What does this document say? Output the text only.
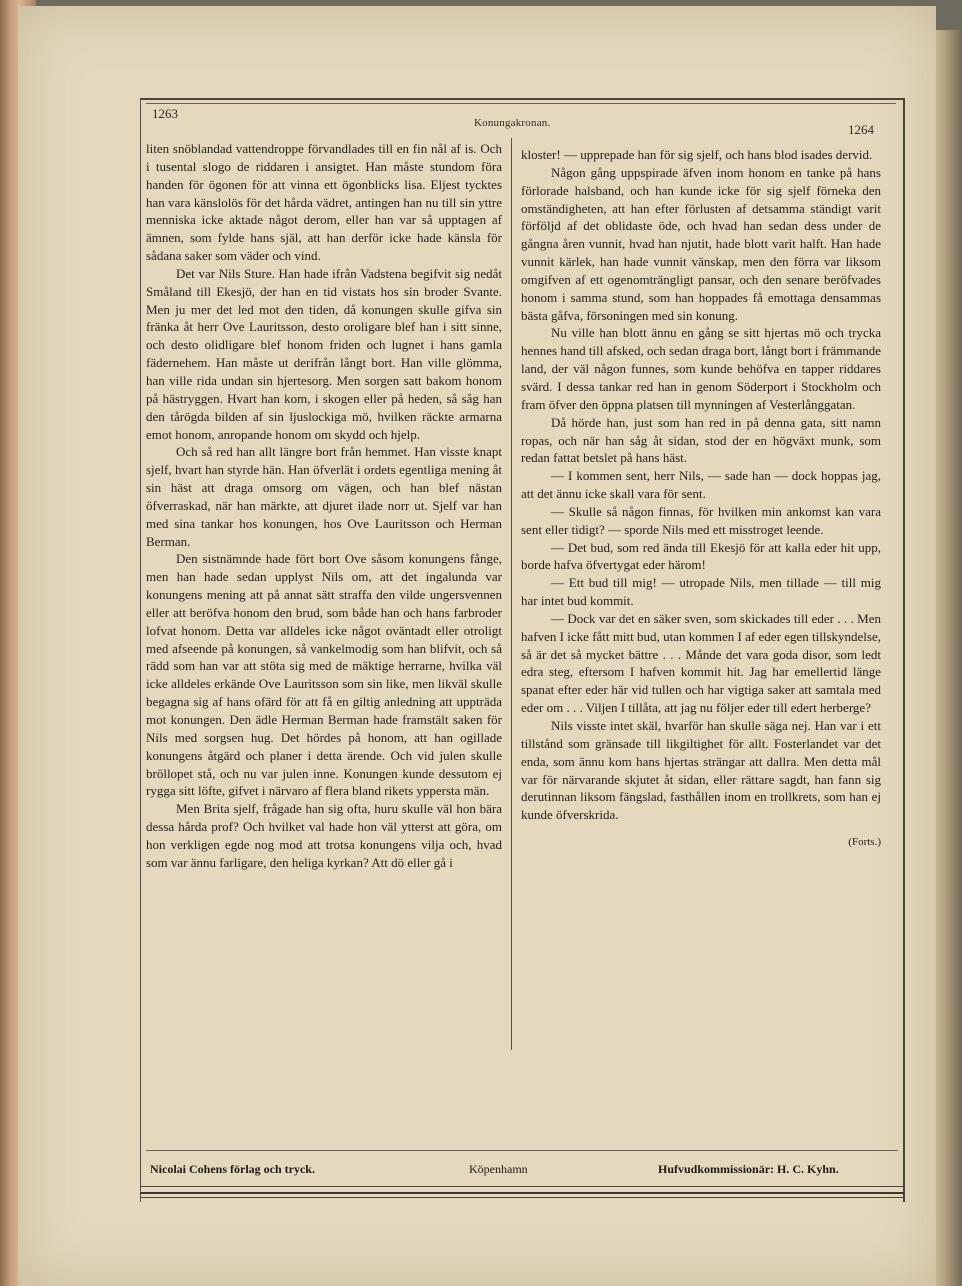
1263
Konungakronan.	1264

liten snöblandad vattendroppe förvandlades till en fin nål af is. Och i tusental slogo de riddaren i ansigtet. Han måste stundom föra handen för ögonen för att vinna ett ögonblicks lisa. Eljest tycktes han vara känslolös för det hårda vädret, antingen han nu till sin yttre menniska icke aktade något derom, eller han var så upptagen af ämnen, som fylde hans själ, att han derför icke hade känsla för sådana saker som väder och vind.

Det var Nils Sture. Han hade ifrån Vadstena begifvit sig nedåt Småland till Ekesjö, der han en tid vistats hos sin broder Svante. Men ju mer det led mot den tiden, då konungen skulle gifva sin fränka åt herr Ove Lauritsson, desto oroligare blef han i sitt sinne, och desto olidligare blef honom friden och lugnet i hans gamla fädernehem. Han måste ut derifrån långt bort. Han ville glömma, han ville rida undan sin hjertesorg. Men sorgen satt bakom honom på hästryggen. Hvart han kom, i skogen eller på heden, så såg han den tårögda bilden af sin ljuslockiga mö, hvilken räckte armarna emot honom, anropande honom om skydd och hjelp.

Och så red han allt längre bort från hemmet. Han visste knapt sjelf, hvart han styrde hän. Han öfverlät i ordets egentliga mening åt sin häst att draga omsorg om vägen, och han blef nästan öfverraskad, när han märkte, att djuret ilade norr ut. Sjelf var han med sina tankar hos konungen, hos Ove Lauritsson och Herman Berman.

Den sistnämnde hade fört bort Ove såsom konungens fånge, men han hade sedan upplyst Nils om, att det ingalunda var konungens mening att på annat sätt straffa den vilde ungersvennen eller att beröfva honom den brud, som både han och hans farbroder lofvat honom. Detta var alldeles icke något oväntadt eller otroligt med afseende på konungen, så vankelmodig som han blifvit, och så rädd som han var att stöta sig med de mäktige herrarne, hvilka väl icke alldeles erkände Ove Lauritsson som sin like, men likväl skulle begagna sig af hans ofärd för att få en giltig anledning att uppträda mot konungen. Den ädle Herman Berman hade framstält saken för Nils med sorgsen hug. Det hördes på honom, att han ogillade konungens åtgärd och planer i detta ärende. Och vid julen skulle bröllopet stå, och nu var julen inne. Konungen kunde dessutom ej rygga sitt löfte, gifvet i närvaro af flera bland rikets yppersta män.

Men Brita sjelf, frågade han sig ofta, huru skulle väl hon bära dessa hårda prof? Och hvilket val hade hon väl ytterst att göra, om hon verkligen egde nog mod att trotsa konungens vilja och, hvad som var ännu farligare, den heliga kyrkan? Att dö eller gå i

kloster! — upprepade han för sig sjelf, och hans blod isades dervid.

Någon gång uppspirade äfven inom honom en tanke på hans förlorade halsband, och han kunde icke för sig sjelf förneka den omständigheten, att han efter förlusten af detsamma ständigt varit förföljd af det oblidaste öde, och hvad han sedan dess under de gångna åren vunnit, hvad han njutit, hade blott varit halft. Han hade vunnit kärlek, han hade vunnit vänskap, men den förra var liksom omgifven af ett ogenomträngligt pansar, och den senare beröfvades honom i samma stund, som han hoppades få emottaga densammas bästa gåfva, försoningen med sin konung.

Nu ville han blott ännu en gång se sitt hjertas mö och trycka hennes hand till afsked, och sedan draga bort, långt bort i främmande land, der väl någon funnes, som kunde behöfva en tapper riddares svärd. I dessa tankar red han in genom Söderport i Stockholm och fram öfver den öppna platsen till mynningen af Vesterlånggatan.

Då hörde han, just som han red in på denna gata, sitt namn ropas, och när han såg åt sidan, stod der en högväxt munk, som redan fattat betslet på hans häst.

— I kommen sent, herr Nils, — sade han — dock hoppas jag, att det ännu icke skall vara för sent.

— Skulle så någon finnas, för hvilken min ankomst kan vara sent eller tidigt? — sporde Nils med ett misstroget leende.

— Det bud, som red ända till Ekesjö för att kalla eder hit upp, borde hafva öfvertygat eder härom!

— Ett bud till mig! — utropade Nils, men tillade — till mig har intet bud kommit.

— Dock var det en säker sven, som skickades till eder . . . Men hafven I icke fått mitt bud, utan kommen I af eder egen tillskyndelse, så är det så mycket bättre . . . Månde det vara goda disor, som ledt edra steg, eftersom I hafven kommit hit. Jag har emellertid länge spanat efter eder här vid tullen och har vigtiga saker att samtala med eder om . . . Viljen I tillåta, att jag nu följer eder till edert herberge?

Nils visste intet skäl, hvarför han skulle säga nej. Han var i ett tillstånd som gränsade till likgiltighet för allt. Fosterlandet var det enda, som ännu kom hans hjertas strängar att dallra. Men detta mål var för närvarande skjutet åt sidan, eller rättare sagdt, han fann sig derutinnan liksom fängslad, fasthållen inom en trollkrets, som han ej kunde öfverskrida.

(Forts.)

Nicolai Cohens förlag och tryck.	Köpenhamn	Hufvudkommissionär: H. C. Kyhn.
